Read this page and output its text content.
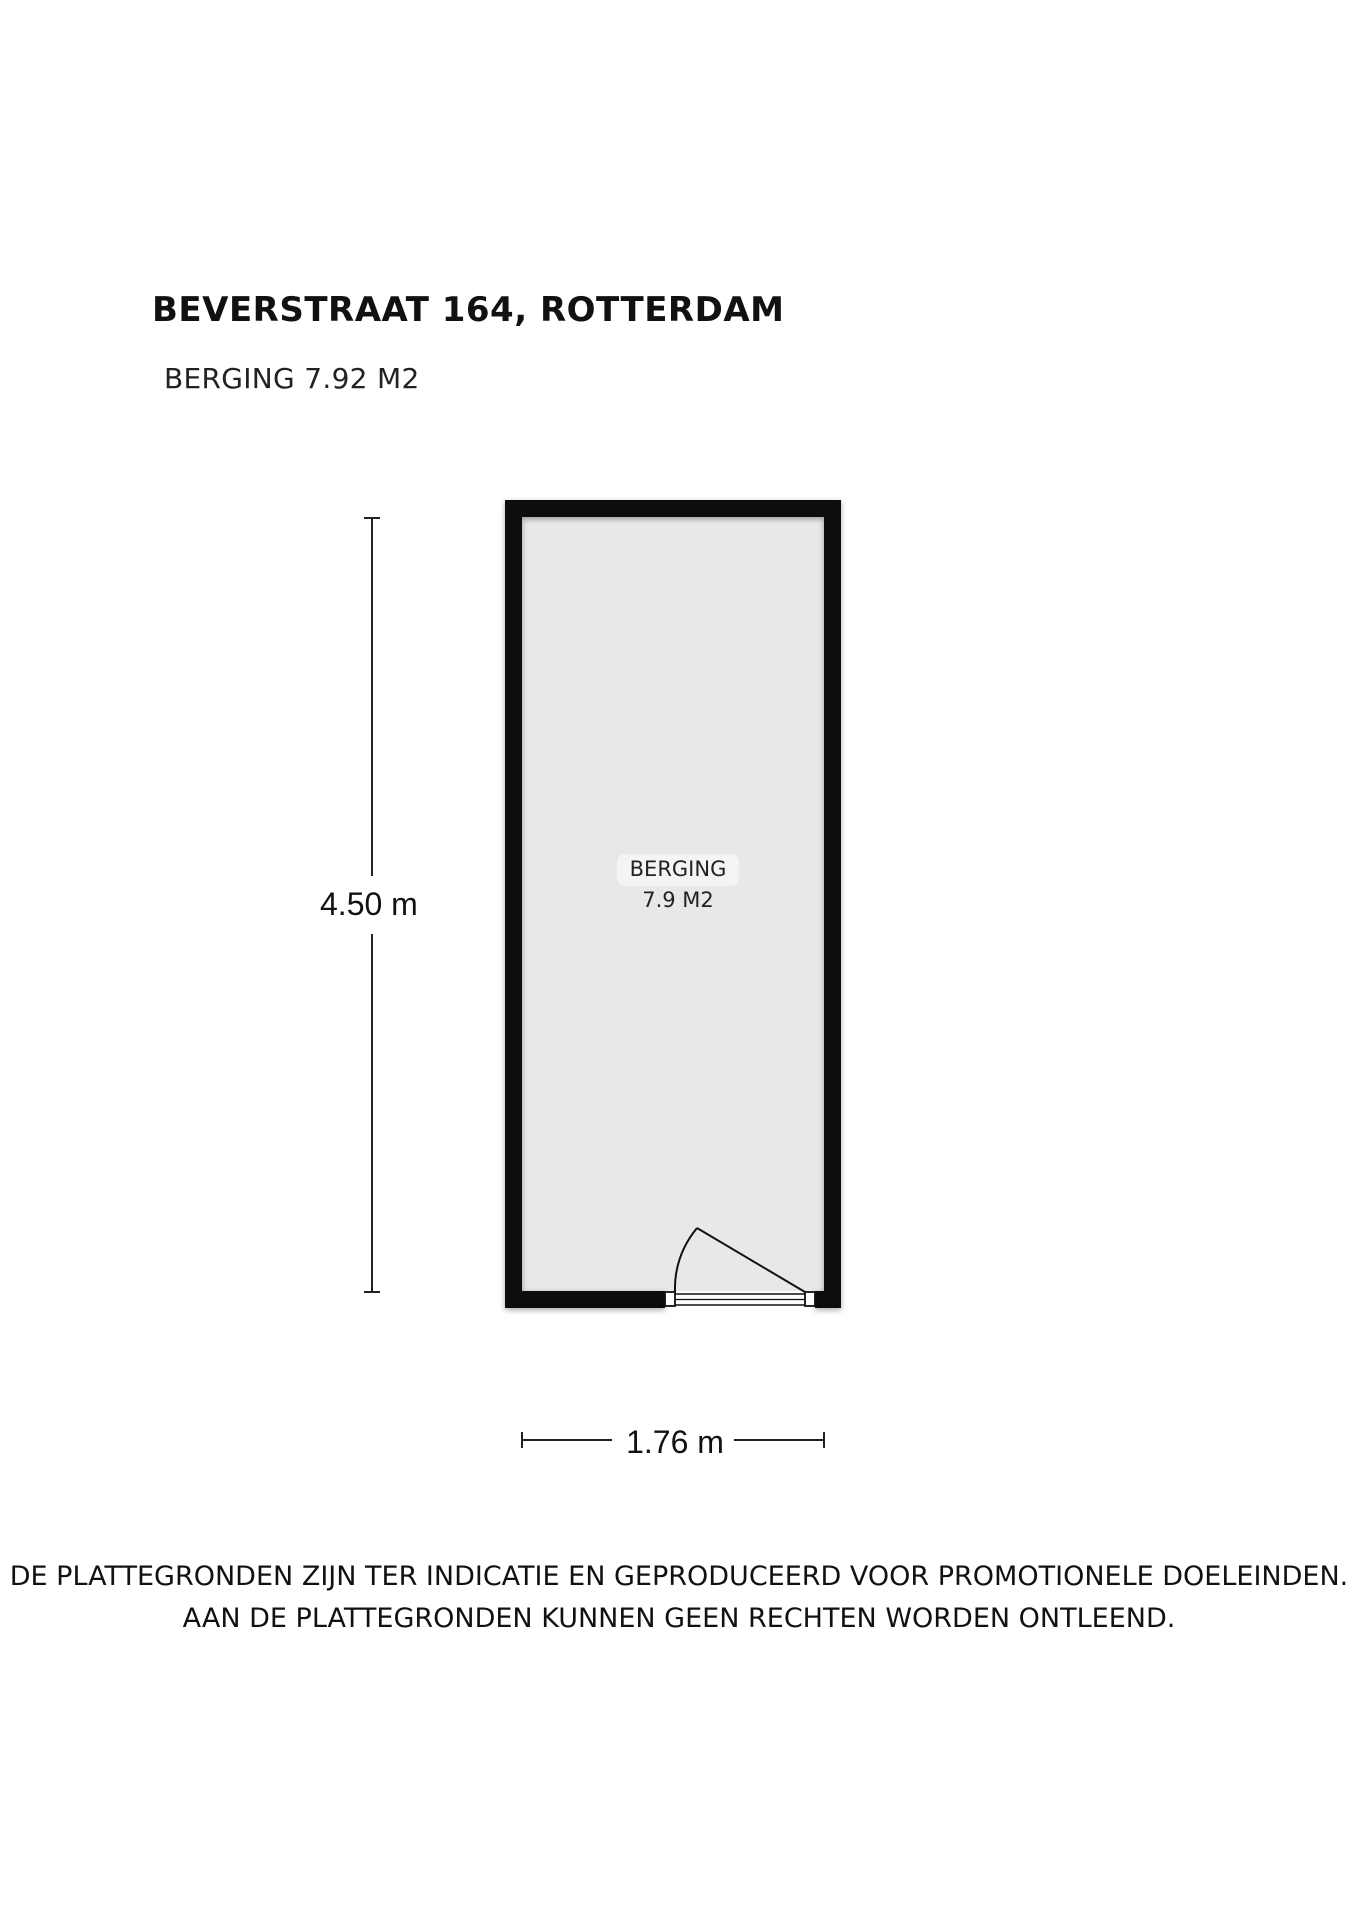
BEVERSTRAAT 164, ROTTERDAM
BERGING 7.92 M2
BERGING
7.9 M2
4.50 m
1.76 m
DE PLATTEGRONDEN ZIJN TER INDICATIE EN GEPRODUCEERD VOOR PROMOTIONELE DOELEINDEN.
AAN DE PLATTEGRONDEN KUNNEN GEEN RECHTEN WORDEN ONTLEEND.
